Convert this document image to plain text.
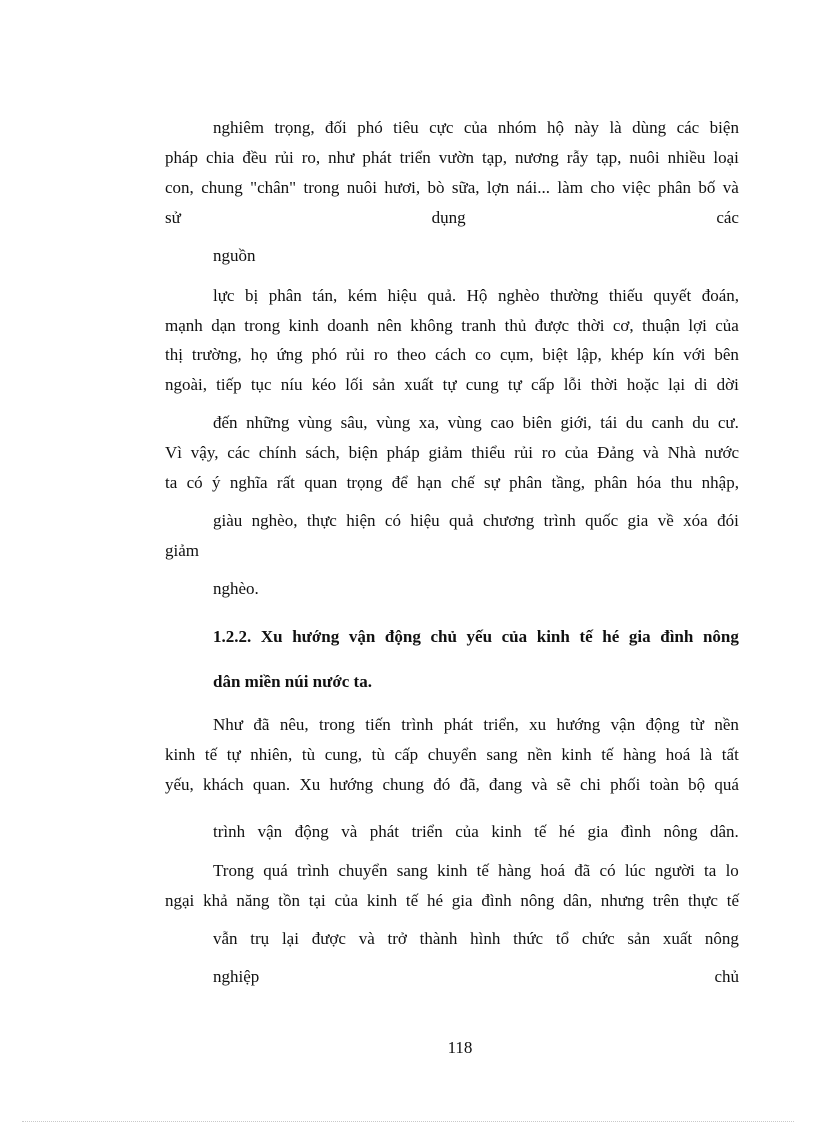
nghiêm trọng, đối phó tiêu cực của nhóm hộ này là dùng các biện

pháp chia đều rủi ro, như phát triển vườn tạp, nương rẫy tạp, nuôi nhiều loại

con, chung "chân" trong nuôi hươi, bò sữa, lợn nái... làm cho việc phân bố và

sử	dụng	các

nguồn

lực bị phân tán, kém hiệu quả. Hộ nghèo thường thiếu quyết đoán,

mạnh dạn trong kinh doanh nên không tranh thủ được thời cơ, thuận lợi của

thị trường, họ ứng phó rủi ro theo cách co cụm, biệt lập, khép kín với bên

ngoài, tiếp tục níu kéo lối sản xuất tự cung tự cấp lỗi thời hoặc lại di dời

đến những vùng sâu, vùng xa, vùng cao biên giới, tái du canh du cư.

Vì vậy, các chính sách, biện pháp giảm thiểu rủi ro của Đảng và Nhà nước

ta có ý nghĩa rất quan trọng để hạn chế sự phân tầng, phân hóa thu nhập,

giàu nghèo, thực hiện có hiệu quả chương trình quốc gia về xóa đói

giảm

nghèo.

1.2.2. Xu hướng vận động chủ yếu của kinh tế hé gia đình nông

dân miền núi nước ta.

Như đã nêu, trong tiến trình phát triển, xu hướng vận động từ nền

kinh tế tự nhiên, tù cung, tù cấp chuyển sang nền kinh tế hàng hoá là tất

yếu, khách quan. Xu hướng chung đó đã, đang và sẽ chi phối toàn bộ quá

trình vận động và phát triển của kinh tế hé gia đình nông dân.

Trong quá trình chuyển sang kinh tế hàng hoá đã có lúc người ta lo

ngại khả năng tồn tại của kinh tế hé gia đình nông dân, nhưng trên thực tế

vẫn trụ lại được và trở thành hình thức tổ chức sản xuất nông

nghiệp	chủ

118
